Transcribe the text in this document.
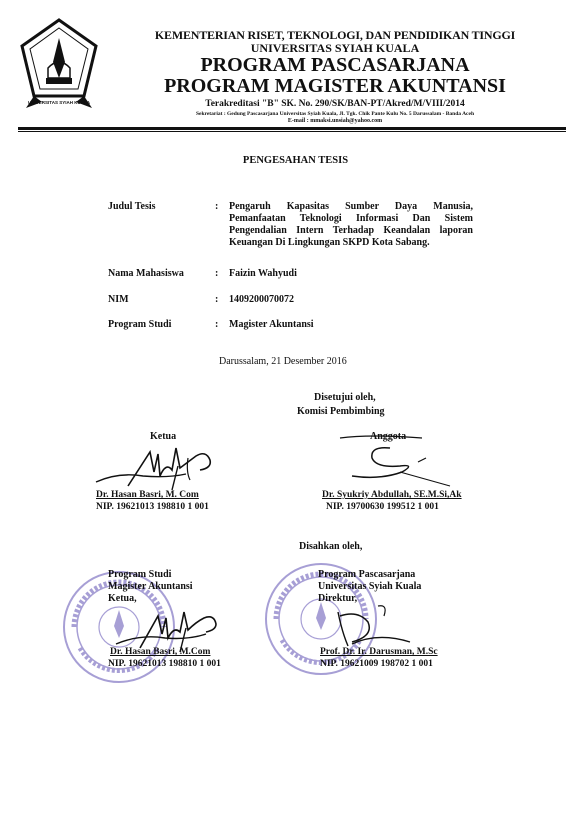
UNIVERSITAS SYIAH KUALA
KEMENTERIAN RISET, TEKNOLOGI, DAN PENDIDIKAN TINGGI
UNIVERSITAS SYIAH KUALA
PROGRAM PASCASARJANA
PROGRAM MAGISTER AKUNTANSI
Terakreditasi "B" SK. No. 290/SK/BAN-PT/Akred/M/VIII/2014
Sekretariat : Gedung Pascasarjana Universitas Syiah Kuala, Jl. Tgk. Chik Pante Kulu No. 5 Darussalam - Banda Aceh
E-mail : mmaksi.unsiah@yahoo.com
PENGESAHAN TESIS
Judul Tesis	: Pengaruh Kapasitas Sumber Daya Manusia, Pemanfaatan Teknologi Informasi Dan Sistem Pengendalian Intern Terhadap Keandalan laporan Keuangan Di Lingkungan SKPD Kota Sabang.
Nama Mahasiswa	: Faizin Wahyudi
NIM	: 1409200070072
Program Studi	: Magister Akuntansi
Darussalam, 21 Desember 2016
Disetujui oleh,
Komisi Pembimbing
Ketua
Dr. Hasan Basri, M. Com
NIP. 19621013 198810 1 001
Anggota
Dr. Syukriy Abdullah, SE.M.Si,Ak
NIP. 19700630 199512 1 001
Disahkan oleh,
Program Studi
Magister Akuntansi
Ketua,
Dr. Hasan Basri, M.Com
NIP. 19621013 198810 1 001
Program Pascasarjana
Universitas Syiah Kuala
Direktur,
Prof. Dr. Ir. Darusman, M.Sc
NIP. 19621009 198702 1 001
